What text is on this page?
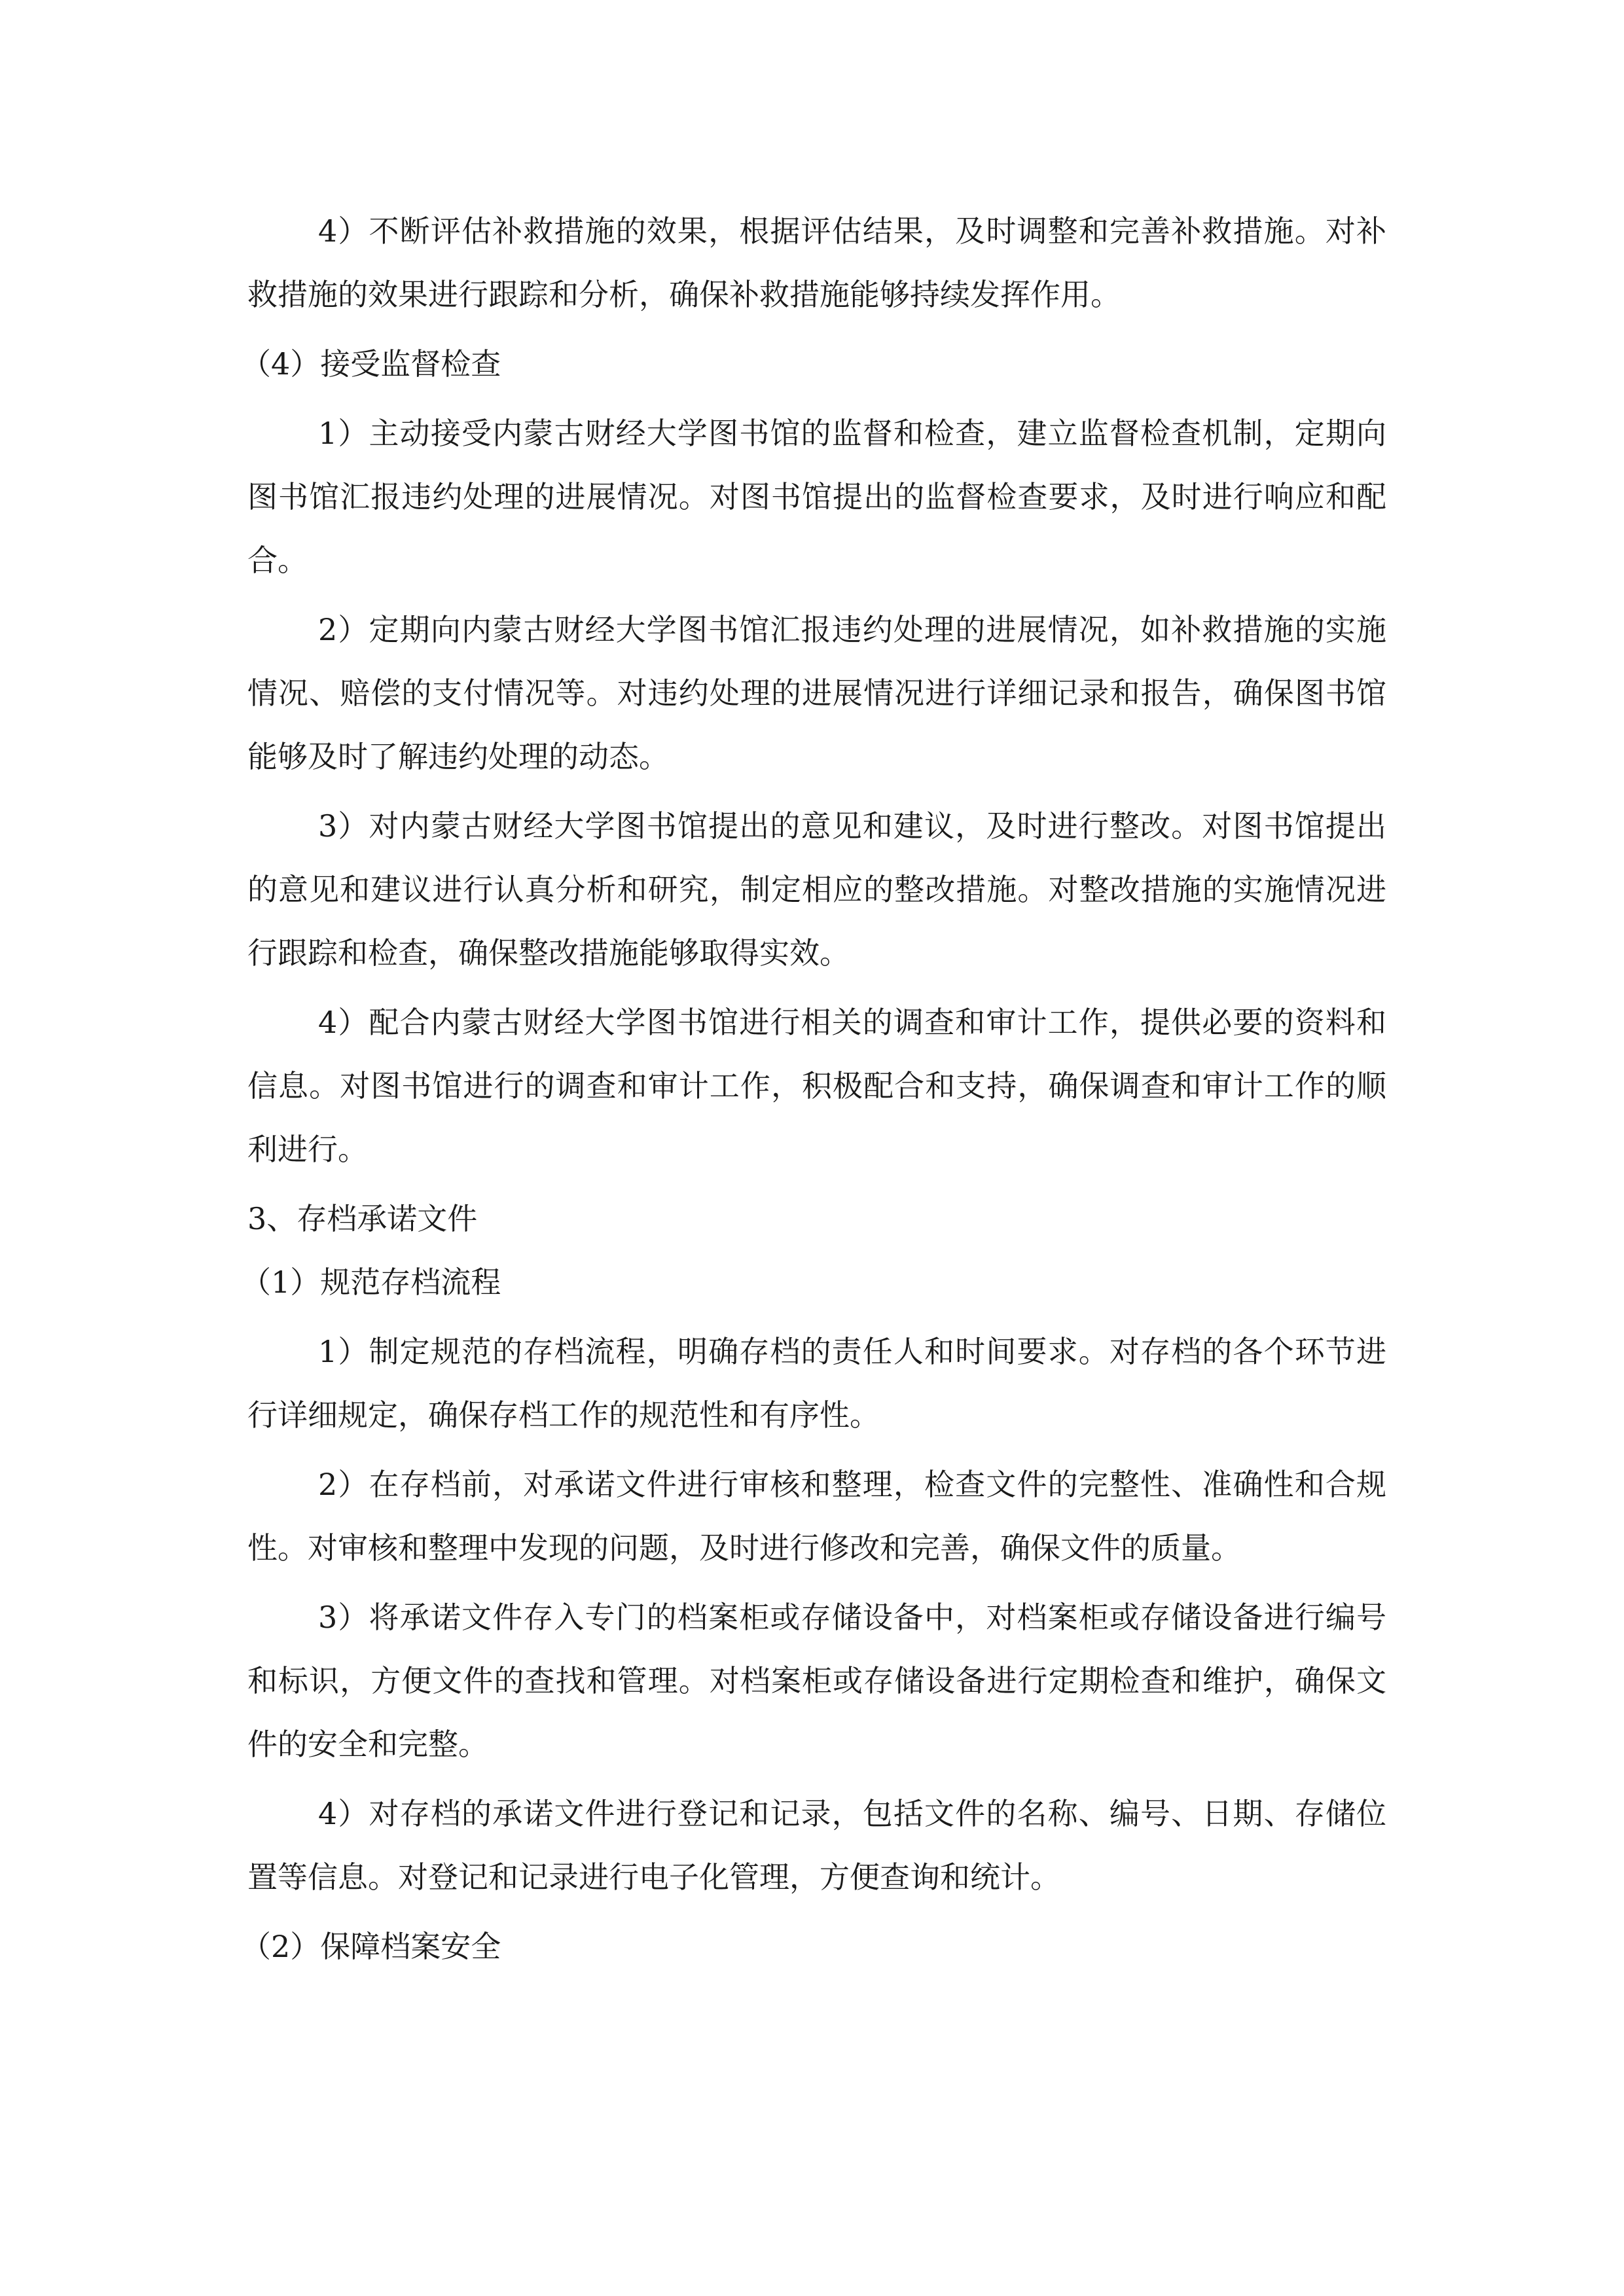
4）不断评估补救措施的效果，根据评估结果，及时调整和完善补救措施。对补救措施的效果进行跟踪和分析，确保补救措施能够持续发挥作用。

（4）接受监督检查

1）主动接受内蒙古财经大学图书馆的监督和检查，建立监督检查机制，定期向图书馆汇报违约处理的进展情况。对图书馆提出的监督检查要求，及时进行响应和配合。

2）定期向内蒙古财经大学图书馆汇报违约处理的进展情况，如补救措施的实施情况、赔偿的支付情况等。对违约处理的进展情况进行详细记录和报告，确保图书馆能够及时了解违约处理的动态。

3）对内蒙古财经大学图书馆提出的意见和建议，及时进行整改。对图书馆提出的意见和建议进行认真分析和研究，制定相应的整改措施。对整改措施的实施情况进行跟踪和检查，确保整改措施能够取得实效。

4）配合内蒙古财经大学图书馆进行相关的调查和审计工作，提供必要的资料和信息。对图书馆进行的调查和审计工作，积极配合和支持，确保调查和审计工作的顺利进行。

3、存档承诺文件

（1）规范存档流程

1）制定规范的存档流程，明确存档的责任人和时间要求。对存档的各个环节进行详细规定，确保存档工作的规范性和有序性。

2）在存档前，对承诺文件进行审核和整理，检查文件的完整性、准确性和合规性。对审核和整理中发现的问题，及时进行修改和完善，确保文件的质量。

3）将承诺文件存入专门的档案柜或存储设备中，对档案柜或存储设备进行编号和标识，方便文件的查找和管理。对档案柜或存储设备进行定期检查和维护，确保文件的安全和完整。

4）对存档的承诺文件进行登记和记录，包括文件的名称、编号、日期、存储位置等信息。对登记和记录进行电子化管理，方便查询和统计。

（2）保障档案安全
